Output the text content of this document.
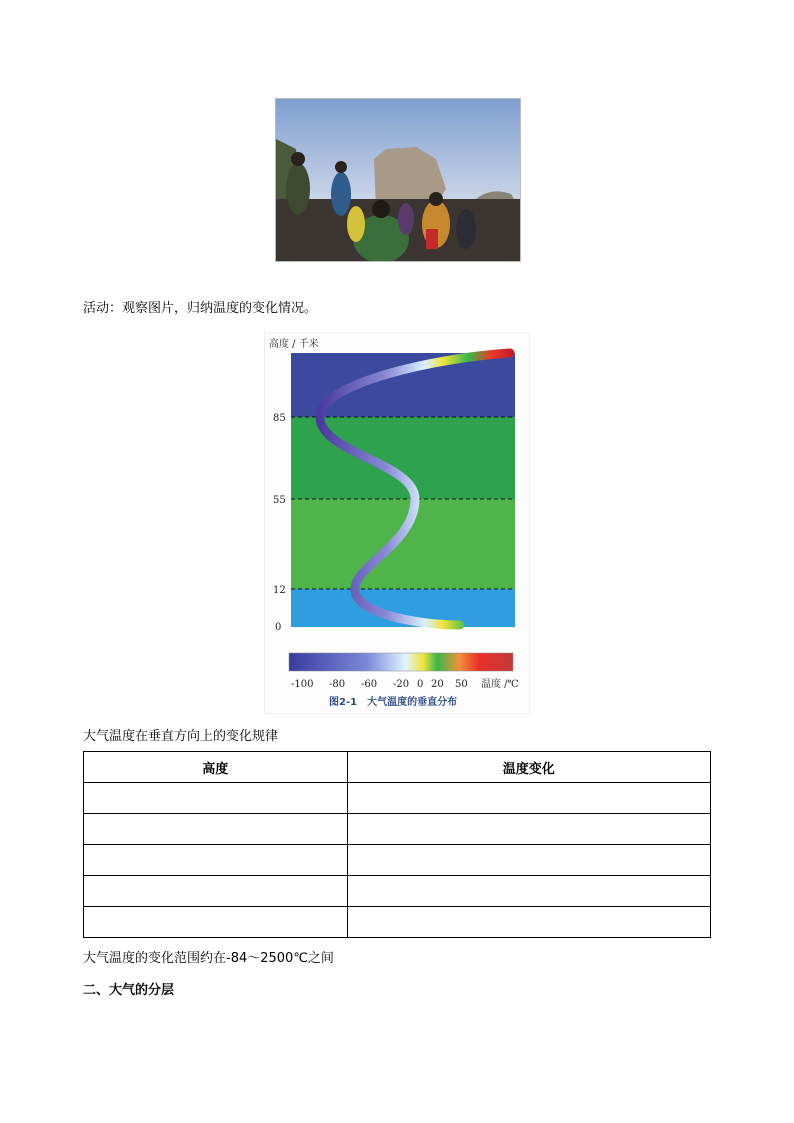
活动：观察图片，归纳温度的变化情况。
高度 / 千米
85
55
12
0
-100 -80 -60 -20 0 20 50 温度 /℃
图2-1　大气温度的垂直分布
大气温度在垂直方向上的变化规律
高度	温度变化

大气温度的变化范围约在-84～2500℃之间
二、大气的分层
